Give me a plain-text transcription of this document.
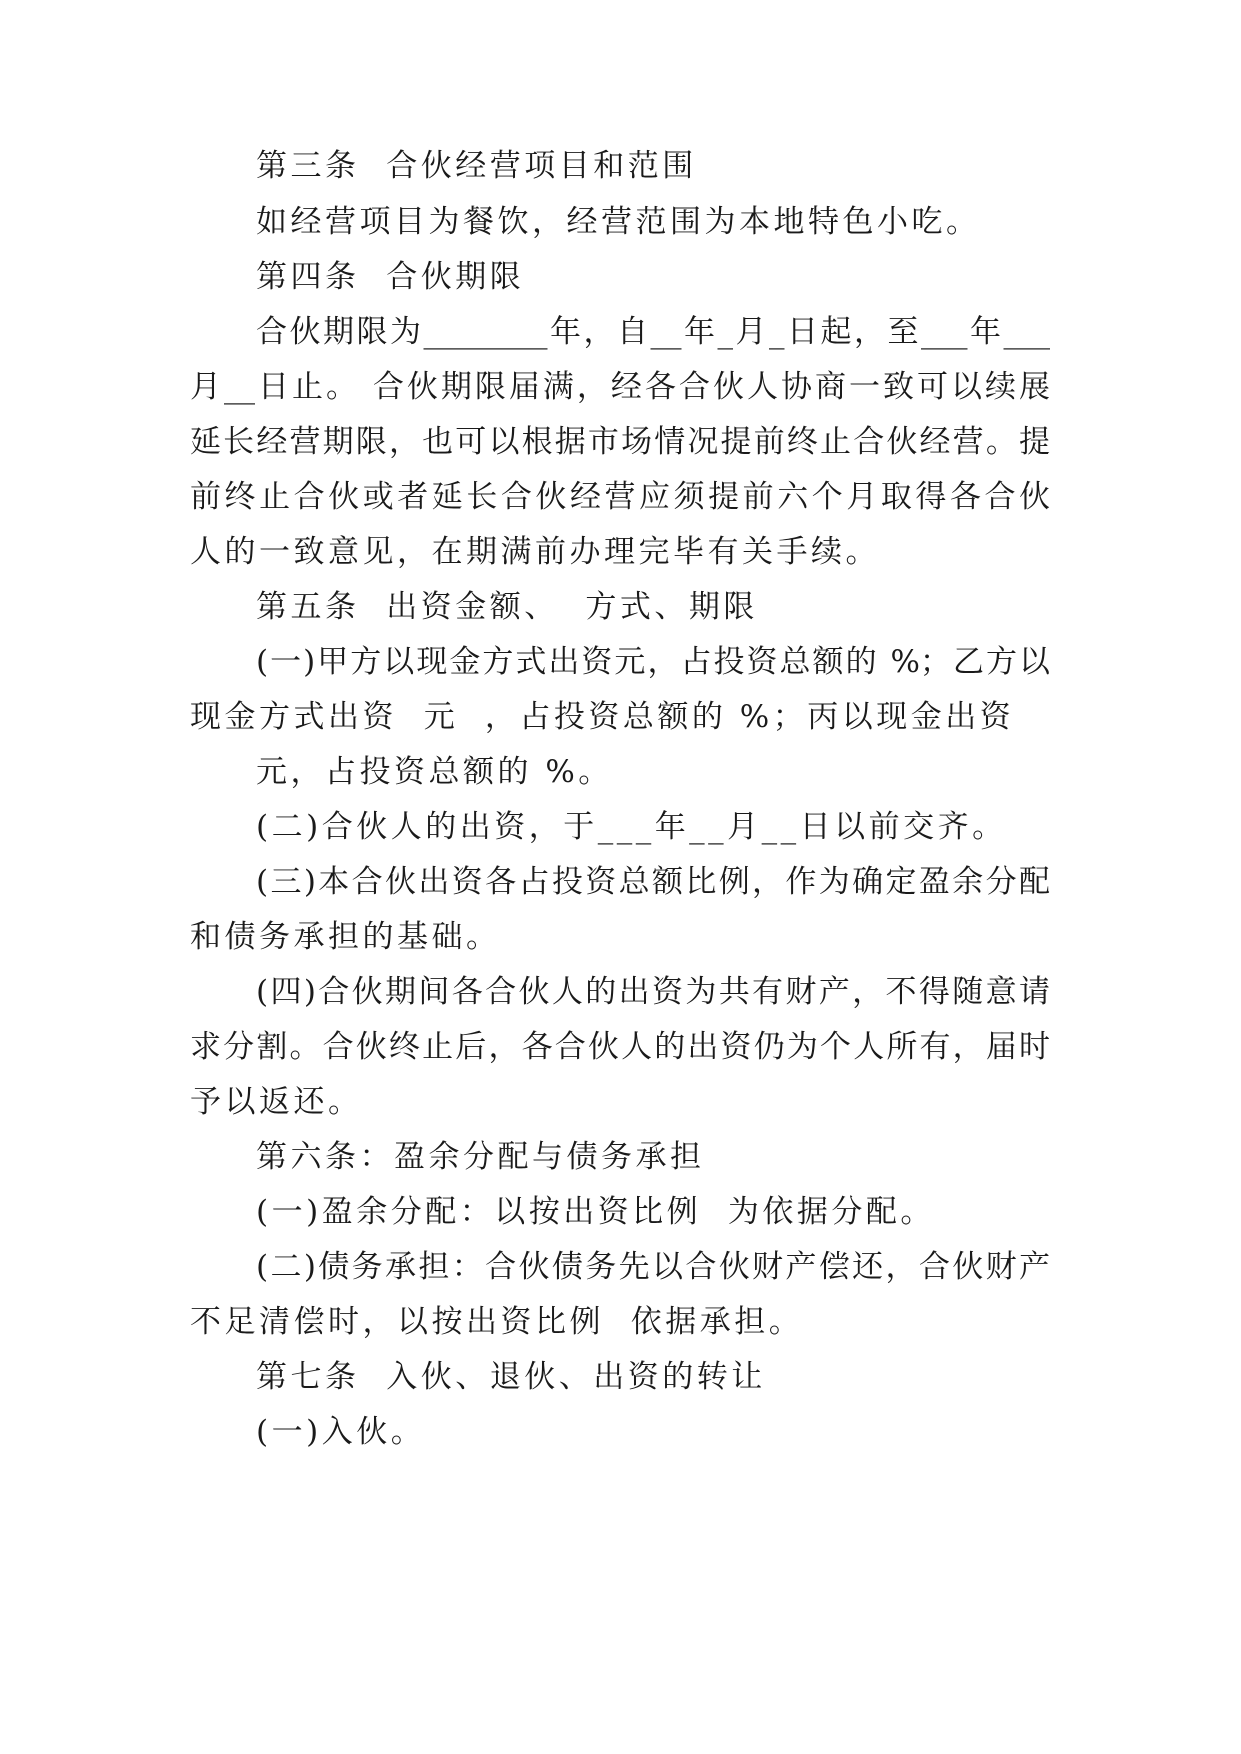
第三条  合伙经营项目和范围
如经营项目为餐饮，经营范围为本地特色小吃。
第四条  合伙期限
合伙期限为________年，自__年_月_日起，至___年___
月__日止。 合伙期限届满，经各合伙人协商一致可以续展
延长经营期限，也可以根据市场情况提前终止合伙经营。提
前终止合伙或者延长合伙经营应须提前六个月取得各合伙
人的一致意见，在期满前办理完毕有关手续。
第五条  出资金额、  方式、期限
(一)甲方以现金方式出资元，占投资总额的 %；乙方以
现金方式出资  元  ，占投资总额的 %；丙以现金出资
元，占投资总额的 %。
(二)合伙人的出资，于___年__月__日以前交齐。
(三)本合伙出资各占投资总额比例，作为确定盈余分配
和债务承担的基础。
(四)合伙期间各合伙人的出资为共有财产，不得随意请
求分割。合伙终止后，各合伙人的出资仍为个人所有，届时
予以返还。
第六条：盈余分配与债务承担
(一)盈余分配：以按出资比例  为依据分配。
(二)债务承担：合伙债务先以合伙财产偿还，合伙财产
不足清偿时，以按出资比例  依据承担。
第七条  入伙、退伙、出资的转让
(一)入伙。
